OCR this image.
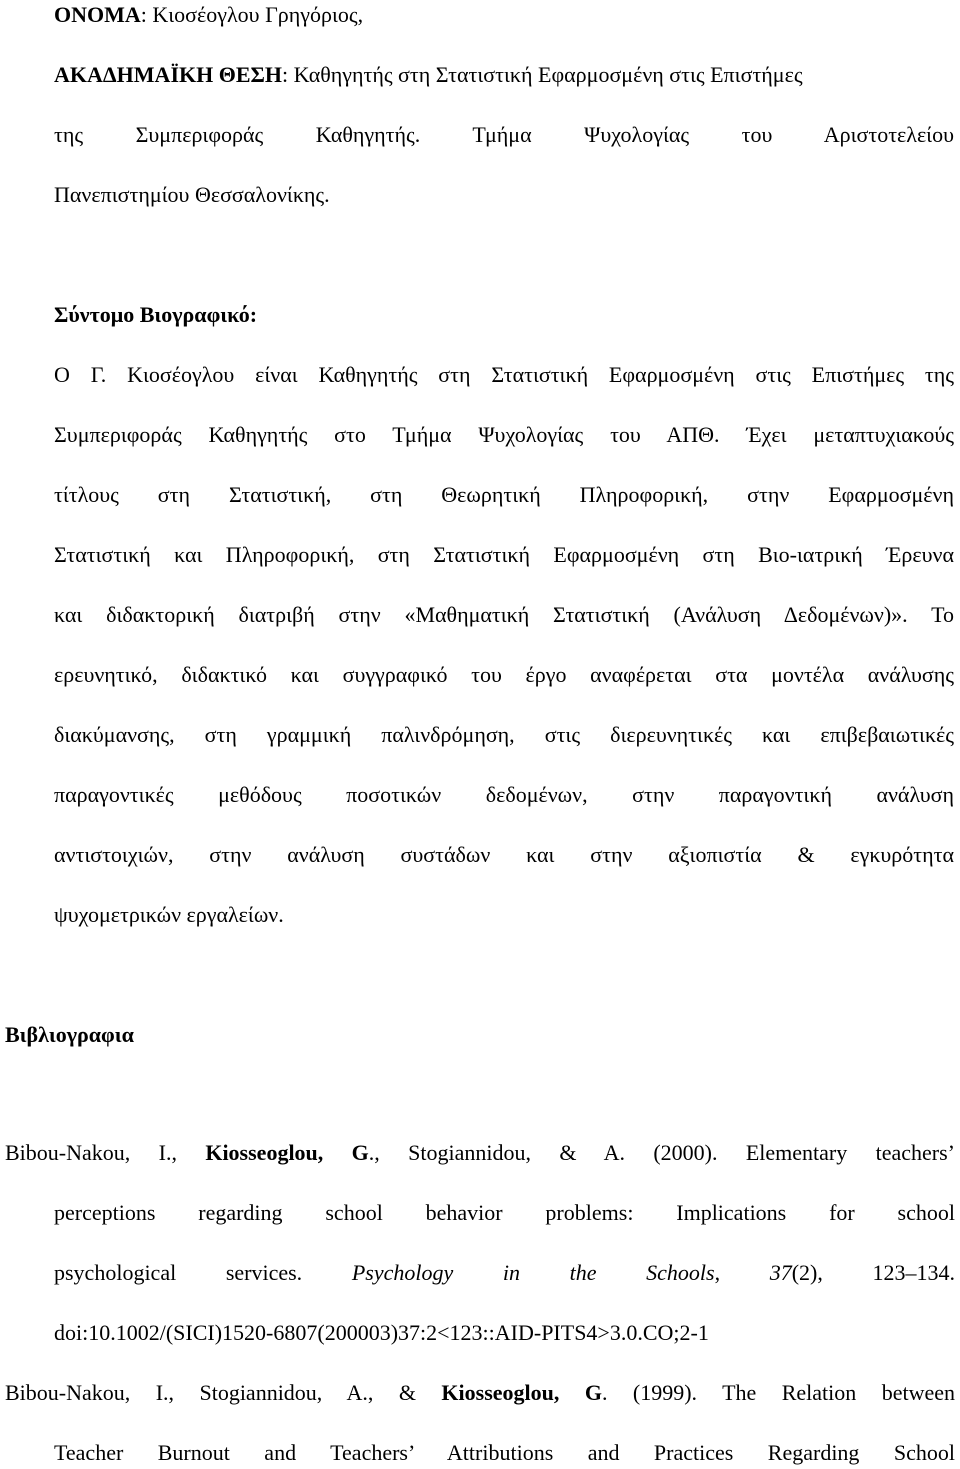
ΟΝΟΜΑ: Κιοσέογλου Γρηγόριος,
ΑΚΑΔΗΜΑΪΚΗ ΘΕΣΗ: Καθηγητής στη Στατιστική Εφαρμοσμένη στις Επιστήμες
της Συμπεριφοράς Καθηγητής. Τμήμα Ψυχολογίας του Αριστοτελείου
Πανεπιστημίου Θεσσαλονίκης.
Σύντομο Βιογραφικό:
Ο Γ. Κιοσέογλου είναι Καθηγητής στη Στατιστική Εφαρμοσμένη στις Επιστήμες της
Συμπεριφοράς Καθηγητής στο Τμήμα Ψυχολογίας του ΑΠΘ. Έχει μεταπτυχιακούς
τίτλους στη Στατιστική, στη Θεωρητική Πληροφορική, στην Εφαρμοσμένη
Στατιστική και Πληροφορική, στη Στατιστική Εφαρμοσμένη στη Βιο-ιατρική Έρευνα
και διδακτορική διατριβή στην «Μαθηματική Στατιστική (Ανάλυση Δεδομένων)». Το
ερευνητικό, διδακτικό και συγγραφικό του έργο αναφέρεται στα μοντέλα ανάλυσης
διακύμανσης, στη γραμμική παλινδρόμηση, στις διερευνητικές και επιβεβαιωτικές
παραγοντικές μεθόδους ποσοτικών δεδομένων, στην παραγοντική ανάλυση
αντιστοιχιών, στην ανάλυση συστάδων και στην αξιοπιστία & εγκυρότητα
ψυχομετρικών εργαλείων.
Βιβλιογραφια
Bibou-Nakou, I., Kiosseoglou, G., Stogiannidou, & A. (2000). Elementary teachers’
perceptions regarding school behavior problems: Implications for school
psychological services. Psychology in the Schools, 37(2), 123–134.
doi:10.1002/(SICI)1520-6807(200003)37:2<123::AID-PITS4>3.0.CO;2-1
Bibou-Nakou, I., Stogiannidou, A., & Kiosseoglou, G. (1999). The Relation between
Teacher Burnout and Teachers’ Attributions and Practices Regarding School
